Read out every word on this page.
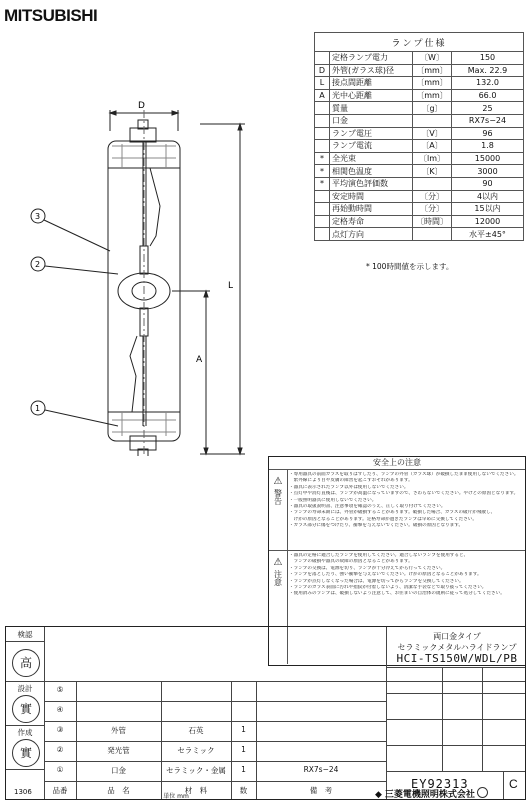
MITSUBISHI
D
L
A
3
2
1
ランプ仕様			
	定格ランプ電力	〔W〕	150
D	外管(ガラス球)径	〔mm〕	Max. 22.9
L	接点間距離	〔mm〕	132.0
A	光中心距離	〔mm〕	66.0
	質量	〔g〕	25
	口金		RX7s−24
	ランプ電圧	〔V〕	96
	ランプ電流	〔A〕	1.8
*	全光束	〔lm〕	15000
*	相関色温度	〔K〕	3000
*	平均演色評価数		90
	安定時間	〔分〕	4以内
	再始動時間	〔分〕	15以内
	定格寿命	〔時間〕	12000
	点灯方向		水平±45°
* 100時間値を示します。
安全上の注意
⚠
警告
・専用器具の前面ガラスを取りはずしたり、ランプの外管（ガラス球）が破損したまま使用しないでください。
　紫外線により目や皮膚の障害を起こすおそれがあります。
・器具に表示されたランプ以外は使用しないでください。
・点灯中や消灯直後は、ランプが高温になっていますので、さわらないでください。やけどの原因となります。
・一般照明器具に使用しないでください。
・器具の取扱説明書、注意事項を確認のうえ、正しく取り付けてください。
・ランプの寿命末期には、外管が破損することがあります。破損した場合、ガラスの破片が飛散し、
　けがの原因となることがあります。定格寿命が過ぎたランプは早めに交換してください。
・ガラス部分に傷をつけたり、衝撃を与えないでください。破損の原因となります。
⚠
注意
・器具の定格に適合したランプを使用してください。適合しないランプを使用すると、
　ランプの破損や器具の故障の原因となることがあります。
・ランプの交換は、電源を切り、ランプが十分冷えてから行ってください。
・ランプを落としたり、強い衝撃を与えないでください。けがの原因となることがあります。
・ランプが点灯しなくなった場合は、電源を切ってからランプを交換してください。
・ランプのガラス表面に汚れや指紋が付着しないよう、清潔な手袋などで取り扱ってください。
・使用済みのランプは、破損しないよう注意して、お住まいの自治体の規則に従って処分してください。
検認
高
設計
實
作成
實
⑤
④
③	外管	石英	1
②	発光管	セラミック	1
①	口金	セラミック・金属	1	RX7s−24
品番	品　名	材　料	数	備　考
単位 mm
両口金タイプ
セラミックメタルハライドランプ
HCI-TS150W/WDL/PB
EY92313	C
1306	◆ 三菱電機照明株式会社
